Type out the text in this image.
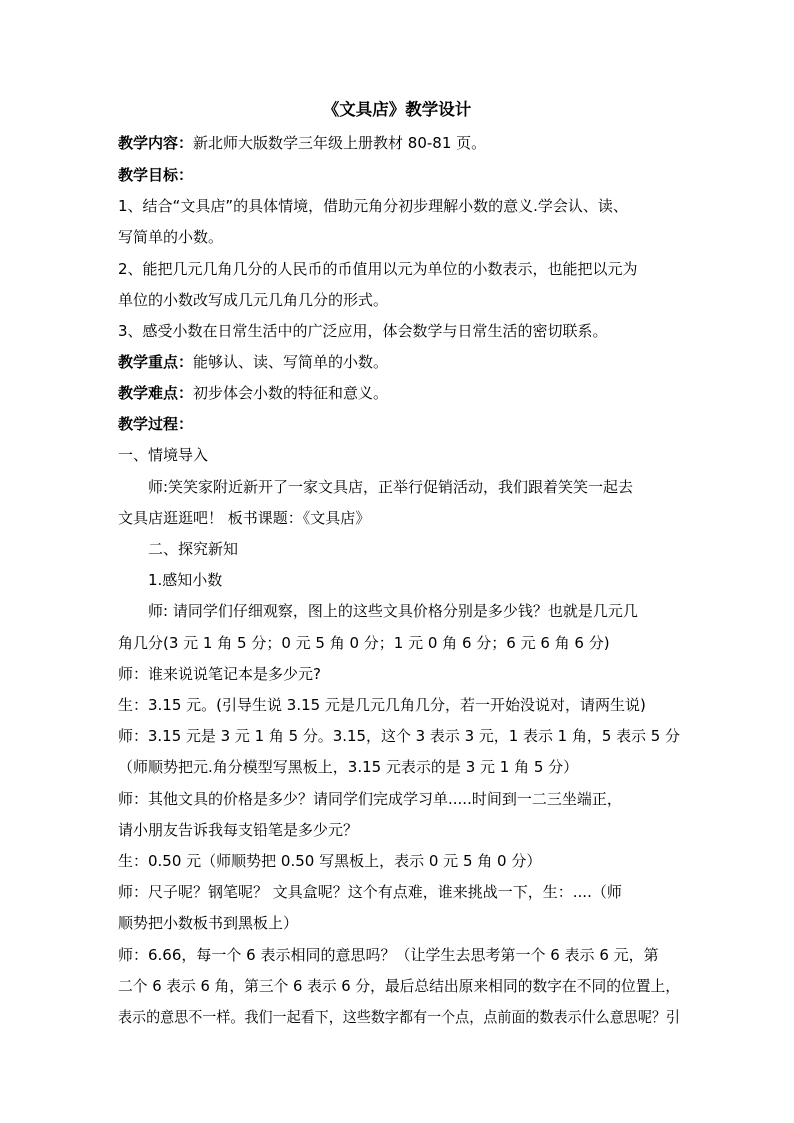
《文具店》教学设计
教学内容：新北师大版数学三年级上册教材 80-81 页。
教学目标：
1、结合“文具店”的具体情境，借助元角分初步理解小数的意义.学会认、读、
写简单的小数。
2、能把几元几角几分的人民币的币值用以元为单位的小数表示，也能把以元为
单位的小数改写成几元几角几分的形式。
3、感受小数在日常生活中的广泛应用，体会数学与日常生活的密切联系。
教学重点：能够认、读、写简单的小数。
教学难点：初步体会小数的特征和意义。
教学过程：
一、情境导入
师:笑笑家附近新开了一家文具店，正举行促销活动，我们跟着笑笑一起去
文具店逛逛吧！ 板书课题：《文具店》
二、探究新知
1.感知小数
师: 请同学们仔细观察，图上的这些文具价格分别是多少钱？也就是几元几
角几分(3 元 1 角 5 分；0 元 5 角 0 分；1 元 0 角 6 分；6 元 6 角 6 分)
师：谁来说说笔记本是多少元?
生：3.15 元。(引导生说 3.15 元是几元几角几分，若一开始没说对，请两生说)
师：3.15 元是 3 元 1 角 5 分。3.15，这个 3 表示 3 元，1 表示 1 角，5 表示 5 分
（师顺势把元.角分模型写黑板上，3.15 元表示的是 3 元 1 角 5 分）
师：其他文具的价格是多少？请同学们完成学习单.....时间到一二三坐端正，
请小朋友告诉我每支铅笔是多少元？
生：0.50 元（师顺势把 0.50 写黑板上，表示 0 元 5 角 0 分）
师：尺子呢？钢笔呢？ 文具盒呢？这个有点难，谁来挑战一下，生：....（师
顺势把小数板书到黑板上）
师：6.66，每一个 6 表示相同的意思吗？（让学生去思考第一个 6 表示 6 元，第
二个 6 表示 6 角，第三个 6 表示 6 分，最后总结出原来相同的数字在不同的位置上，
表示的意思不一样。我们一起看下，这些数字都有一个点，点前面的数表示什么意思呢？引
